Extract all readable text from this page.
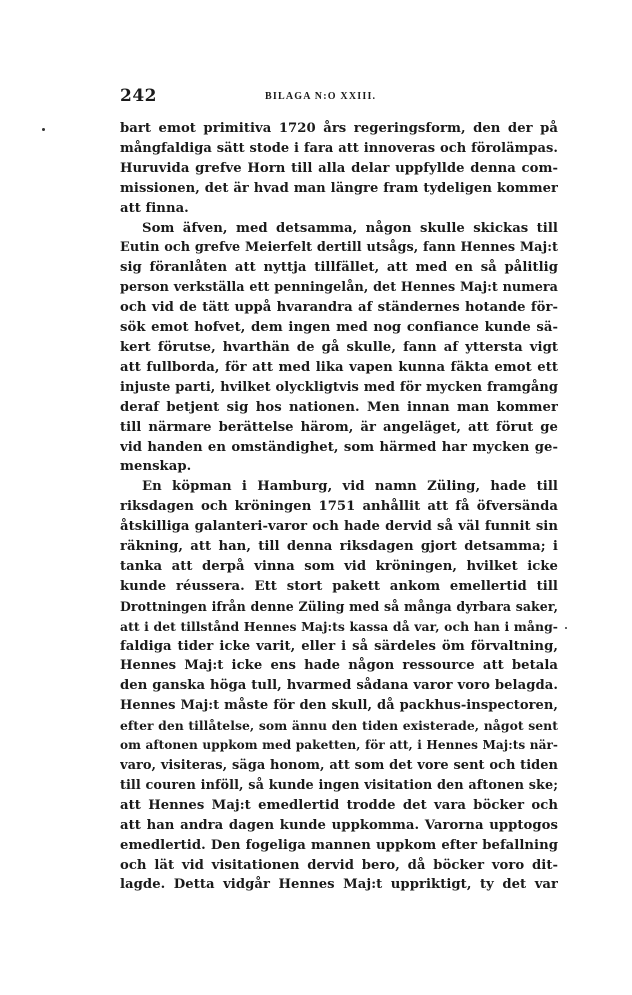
242	BILAGA N:O XXIII.
bart emot primitiva 1720 års regeringsform, den der på
mångfaldiga sätt stode i fara att innoveras och förolämpas.
Huruvida grefve Horn till alla delar uppfyllde denna com-
missionen, det är hvad man längre fram tydeligen kommer
att finna.
Som äfven, med detsamma, någon skulle skickas till
Eutin och grefve Meierfelt dertill utsågs, fann Hennes Maj:t
sig föranlåten att nyttja tillfället, att med en så pålitlig
person verkställa ett penningelån, det Hennes Maj:t numera
och vid de tätt uppå hvarandra af ständernes hotande för-
sök emot hofvet, dem ingen med nog confiance kunde sä-
kert förutse, hvarthän de gå skulle, fann af yttersta vigt
att fullborda, för att med lika vapen kunna fäkta emot ett
injuste parti, hvilket olyckligtvis med för mycken framgång
deraf betjent sig hos nationen. Men innan man kommer
till närmare berättelse härom, är angeläget, att förut ge
vid handen en omständighet, som härmed har mycken ge-
menskap.
En köpman i Hamburg, vid namn Züling, hade till
riksdagen och kröningen 1751 anhållit att få öfversända
åtskilliga galanteri-varor och hade dervid så väl funnit sin
räkning, att han, till denna riksdagen gjort detsamma; i
tanka att derpå vinna som vid kröningen, hvilket icke
kunde réussera. Ett stort pakett ankom emellertid till
Drottningen ifrån denne Züling med så många dyrbara saker,
att i det tillstånd Hennes Maj:ts kassa då var, och han i mång-
faldiga tider icke varit, eller i så särdeles öm förvaltning,
Hennes Maj:t icke ens hade någon ressource att betala
den ganska höga tull, hvarmed sådana varor voro belagda.
Hennes Maj:t måste för den skull, då packhus-inspectoren,
efter den tillåtelse, som ännu den tiden existerade, något sent
om aftonen uppkom med paketten, för att, i Hennes Maj:ts när-
varo, visiteras, säga honom, att som det vore sent och tiden
till couren inföll, så kunde ingen visitation den aftonen ske;
att Hennes Maj:t emedlertid trodde det vara böcker och
att han andra dagen kunde uppkomma. Varorna upptogos
emedlertid. Den fogeliga mannen uppkom efter befallning
och lät vid visitationen dervid bero, då böcker voro dit-
lagde. Detta vidgår Hennes Maj:t uppriktigt, ty det var
